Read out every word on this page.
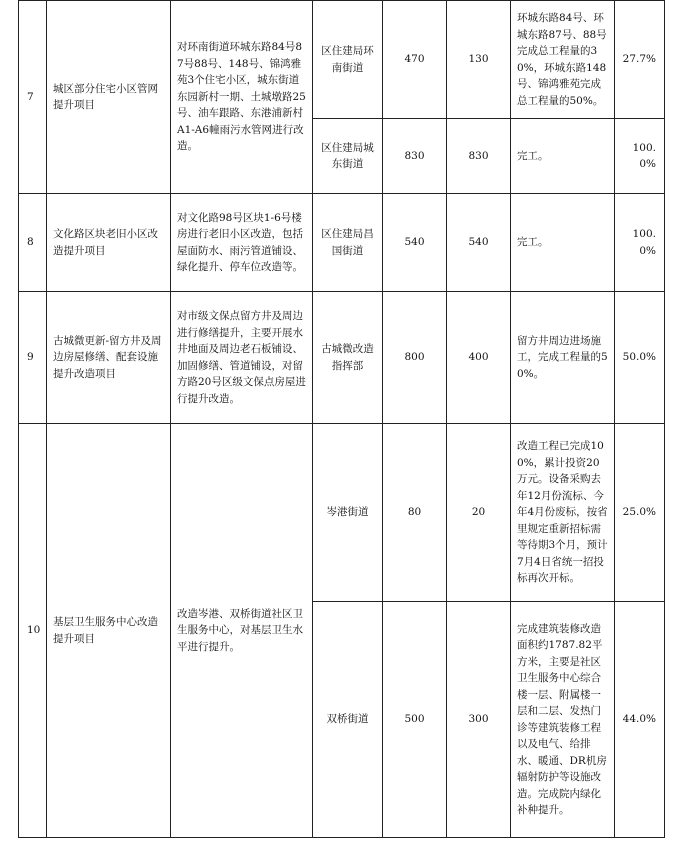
7	城区部分住宅小区管网提升项目	对环南街道环城东路84号87号88号、148号、锦鸿雅苑3个住宅小区，城东街道东园新村一期、土城墩路25号、油车跟路、东港浦新村A1-A6幢雨污水管网进行改造。	区住建局环南街道	470	130	环城东路84号、环城东路87号、88号完成总工程量的30%，环城东路148号、锦鸿雅苑完成总工程量的50%。	27.7%
			区住建局城东街道	830	830	完工。	100.0%
8	文化路区块老旧小区改造提升项目	对文化路98号区块1-6号楼房进行老旧小区改造，包括屋面防水、雨污管道铺设、绿化提升、停车位改造等。	区住建局昌国街道	540	540	完工。	100.0%
9	古城微更新-留方井及周边房屋修缮、配套设施提升改造项目	对市级文保点留方井及周边进行修缮提升，主要开展水井地面及周边老石板铺设、加固修缮、管道铺设，对留方路20号区级文保点房屋进行提升改造。	古城微改造指挥部	800	400	留方井周边进场施工，完成工程量的50%。	50.0%
10	基层卫生服务中心改造提升项目	改造岑港、双桥街道社区卫生服务中心，对基层卫生水平进行提升。	岑港街道	80	20	改造工程已完成100%，累计投资20万元。设备采购去年12月份流标、今年4月份废标，按省里规定重新招标需等待期3个月，预计7月4日省统一招投标再次开标。	25.0%
			双桥街道	500	300	完成建筑装修改造面积约1787.82平方米，主要是社区卫生服务中心综合楼一层、附属楼一层和二层、发热门诊等建筑装修工程以及电气、给排水、暖通、DR机房辐射防护等设施改造。完成院内绿化补种提升。	44.0%
